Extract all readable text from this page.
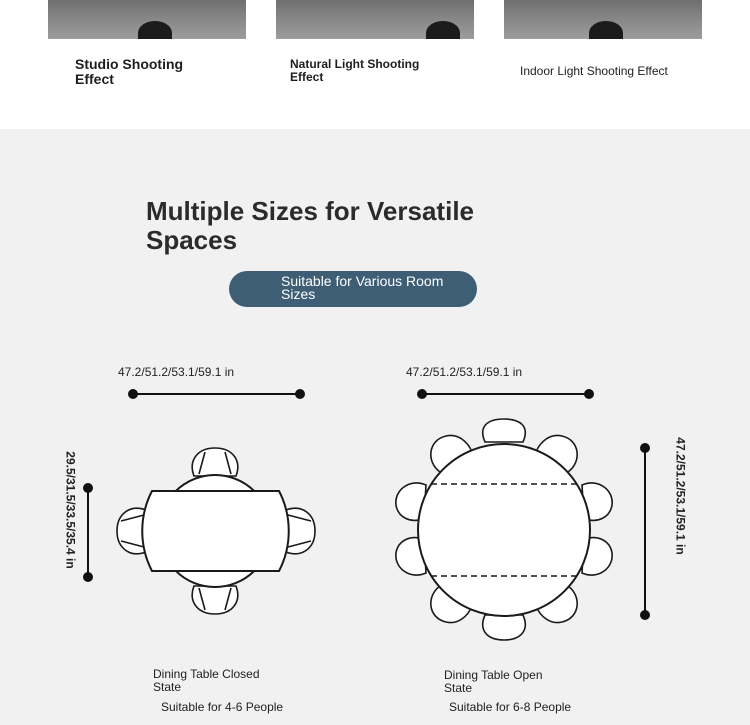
Studio Shooting Effect
Natural Light Shooting Effect	Indoor Light Shooting Effect
Multiple Sizes for Versatile Spaces
Suitable for Various Room Sizes
47.2/51.2/53.1/59.1 in	47.2/51.2/53.1/59.1 in
29.5/31.5/33.5/35.4 in	47.2/51.2/53.1/59.1 in
Dining Table Closed State
Suitable for 4-6 People
Dining Table Open State
Suitable for 6-8 People
